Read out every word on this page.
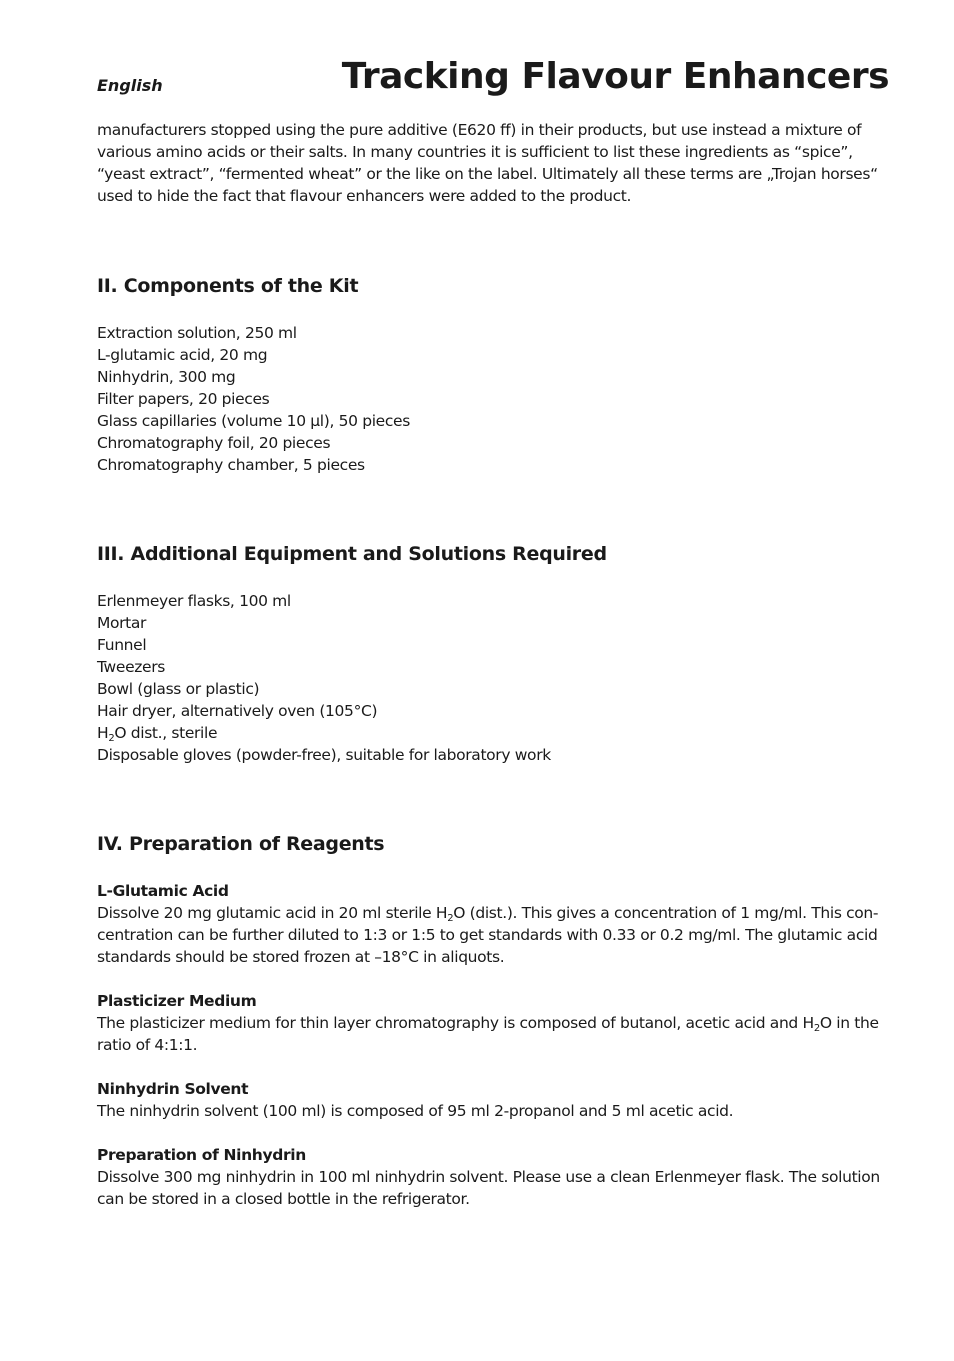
English	Tracking Flavour Enhancers

manufacturers stopped using the pure additive (E620 ff) in their products, but use instead a mixture of various amino acids or their salts. In many countries it is sufficient to list these ingredients as “spice”, “yeast extract”, “fermented wheat” or the like on the label. Ultimately all these terms are „Trojan horses“ used to hide the fact that flavour enhancers were added to the product.

II. Components of the Kit
Extraction solution, 250 ml
L-glutamic acid, 20 mg
Ninhydrin, 300 mg
Filter papers, 20 pieces
Glass capillaries (volume 10 µl), 50 pieces
Chromatography foil, 20 pieces
Chromatography chamber, 5 pieces
III. Additional Equipment and Solutions Required
Erlenmeyer flasks, 100 ml
Mortar
Funnel
Tweezers
Bowl (glass or plastic)
Hair dryer, alternatively oven (105°C)
$H_2O$ dist., sterile
Disposable gloves (powder-free), suitable for laboratory work
IV. Preparation of Reagents
L-Glutamic Acid

Dissolve 20 mg glutamic acid in 20 ml sterile $H_2O$ (dist.). This gives a concentration of 1 mg/ml. This con-centration can be further diluted to 1:3 or 1:5 to get standards with 0.33 or 0.2 mg/ml. The glutamic acid standards should be stored frozen at –18°C in aliquots.

Plasticizer Medium

The plasticizer medium for thin layer chromatography is composed of butanol, acetic acid and $H_2O$ in the ratio of 4:1:1.

Ninhydrin Solvent

The ninhydrin solvent (100 ml) is composed of 95 ml 2-propanol and 5 ml acetic acid.

Preparation of Ninhydrin

Dissolve 300 mg ninhydrin in 100 ml ninhydrin solvent. Please use a clean Erlenmeyer flask. The solution can be stored in a closed bottle in the refrigerator.
